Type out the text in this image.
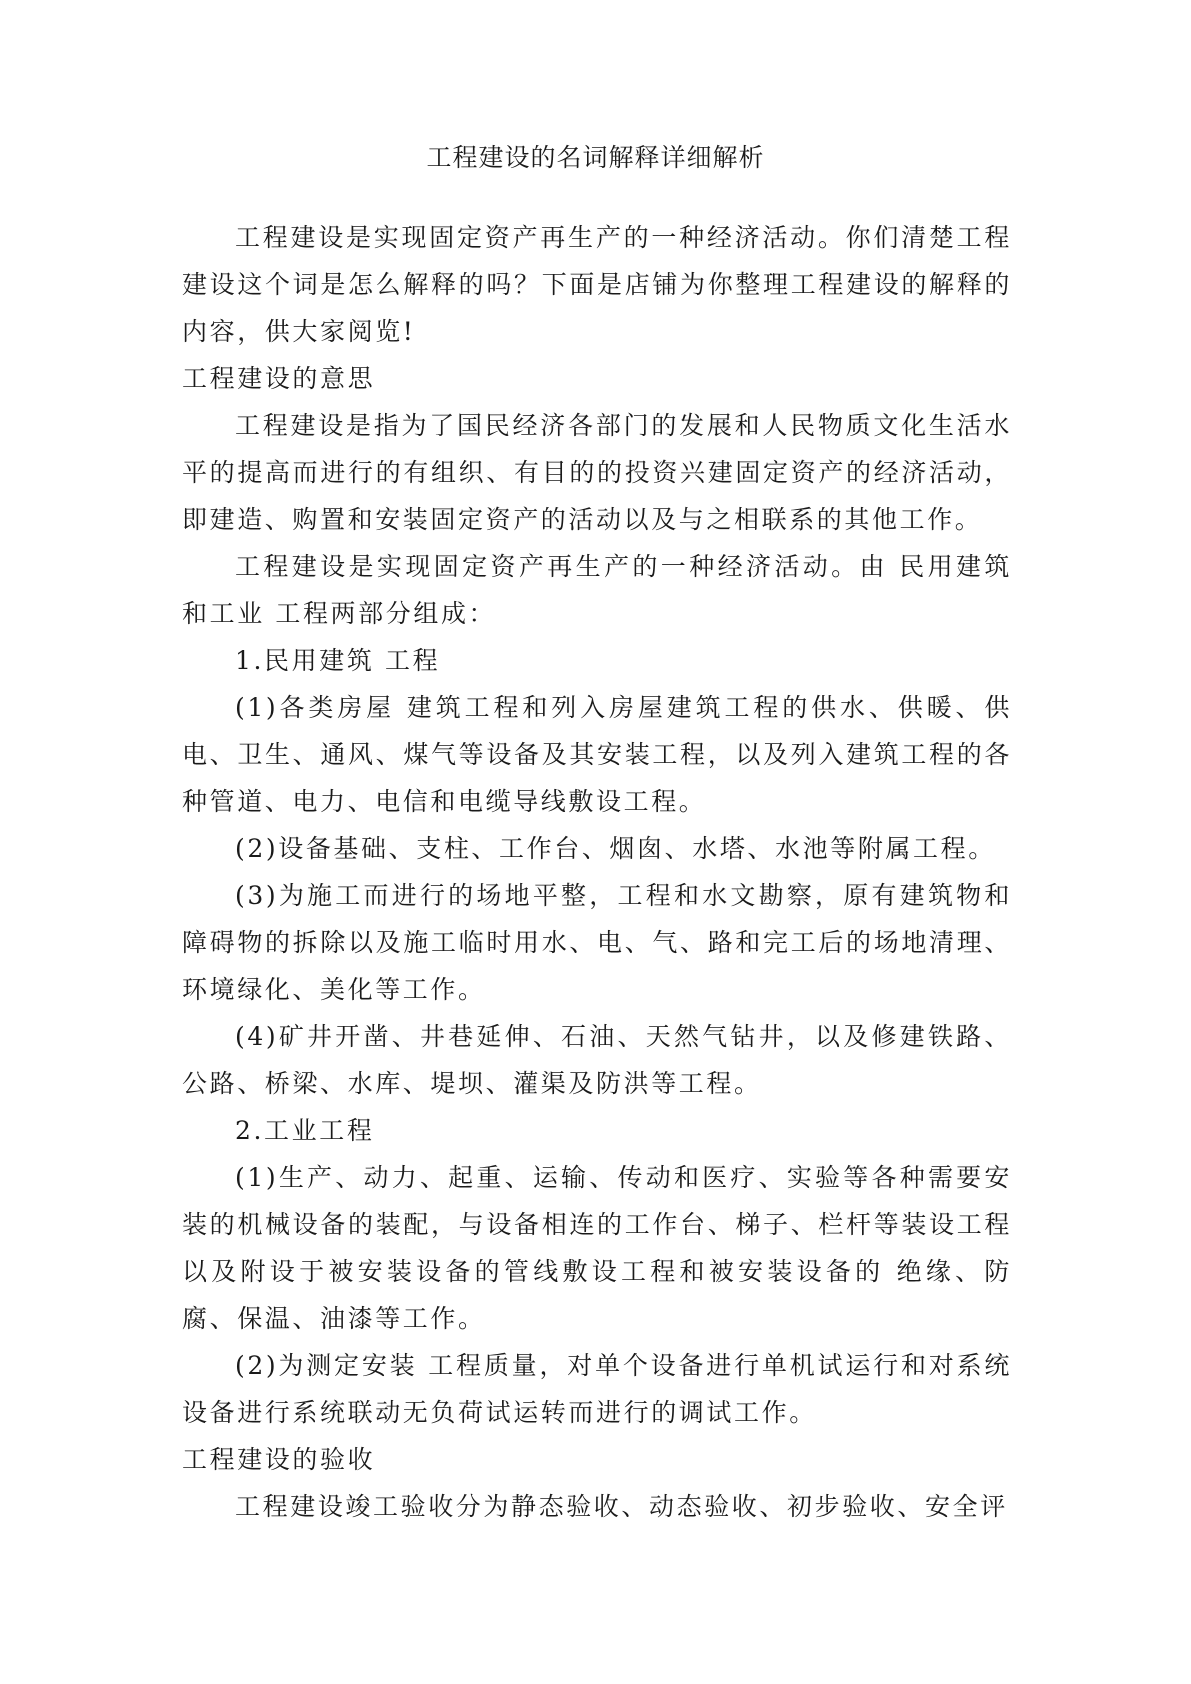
工程建设的名词解释详细解析

工程建设是实现固定资产再生产的一种经济活动。你们清楚工程建设这个词是怎么解释的吗？下面是店铺为你整理工程建设的解释的内容，供大家阅览!

工程建设的意思

工程建设是指为了国民经济各部门的发展和人民物质文化生活水平的提高而进行的有组织、有目的的投资兴建固定资产的经济活动，即建造、购置和安装固定资产的活动以及与之相联系的其他工作。

工程建设是实现固定资产再生产的一种经济活动。由 民用建筑和工业 工程两部分组成：

1.民用建筑 工程

(1)各类房屋 建筑工程和列入房屋建筑工程的供水、供暖、供电、卫生、通风、煤气等设备及其安装工程，以及列入建筑工程的各种管道、电力、电信和电缆导线敷设工程。

(2)设备基础、支柱、工作台、烟囱、水塔、水池等附属工程。

(3)为施工而进行的场地平整，工程和水文勘察，原有建筑物和障碍物的拆除以及施工临时用水、电、气、路和完工后的场地清理、环境绿化、美化等工作。

(4)矿井开凿、井巷延伸、石油、天然气钻井，以及修建铁路、公路、桥梁、水库、堤坝、灌渠及防洪等工程。

2.工业工程

(1)生产、动力、起重、运输、传动和医疗、实验等各种需要安装的机械设备的装配，与设备相连的工作台、梯子、栏杆等装设工程以及附设于被安装设备的管线敷设工程和被安装设备的 绝缘、防腐、保温、油漆等工作。

(2)为测定安装 工程质量，对单个设备进行单机试运行和对系统设备进行系统联动无负荷试运转而进行的调试工作。

工程建设的验收

工程建设竣工验收分为静态验收、动态验收、初步验收、安全评
